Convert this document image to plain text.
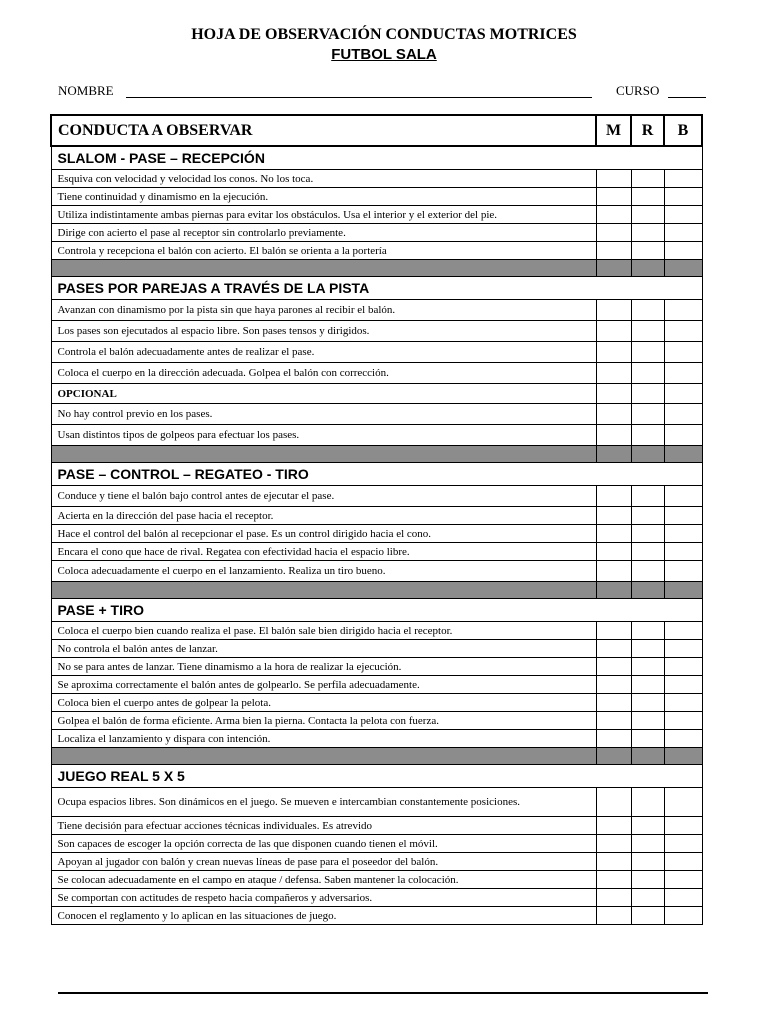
HOJA DE OBSERVACIÓN CONDUCTAS MOTRICES
FUTBOL SALA
NOMBRE	CURSO
CONDUCTA A OBSERVAR	M	R	B
SLALOM - PASE – RECEPCIÓN			
Esquiva con velocidad y velocidad los conos. No los toca.			
Tiene continuidad y dinamismo en la ejecución.			
Utiliza indistintamente ambas piernas para evitar los obstáculos. Usa el interior y el exterior del pie.			
Dirige con acierto el pase al receptor sin controlarlo previamente.			
Controla y recepciona el balón con acierto. El balón se orienta a la portería			

PASES POR PAREJAS A TRAVÉS DE LA PISTA			
Avanzan con dinamismo por la pista sin que haya parones al recibir el balón.			
Los pases son ejecutados al espacio libre. Son pases tensos y dirigidos.			
Controla el balón adecuadamente antes de realizar el pase.			
Coloca el cuerpo en la dirección adecuada. Golpea el balón con corrección.			
OPCIONAL			
No hay control previo en los pases.			
Usan distintos tipos de golpeos para efectuar los pases.			

PASE – CONTROL – REGATEO - TIRO			
Conduce y tiene el balón bajo control antes de ejecutar el pase.			
Acierta en la dirección del pase hacia el receptor.			
Hace el control del balón al recepcionar el pase. Es un control dirigido hacia el cono.			
Encara el cono que hace de rival. Regatea con efectividad hacia el espacio libre.			
Coloca adecuadamente el cuerpo en el lanzamiento. Realiza un tiro bueno.			

PASE + TIRO			
Coloca el cuerpo bien cuando realiza el pase. El balón sale bien dirigido hacia el receptor.			
No controla el balón antes de lanzar.			
No se para antes de lanzar. Tiene dinamismo a la hora de realizar la ejecución.			
Se aproxima correctamente el balón antes de golpearlo. Se perfila adecuadamente.			
Coloca bien el cuerpo antes de golpear la pelota.			
Golpea el balón de forma eficiente. Arma bien la pierna. Contacta la pelota con fuerza.			
Localiza el lanzamiento y dispara con intención.			

JUEGO REAL 5 X 5			
Ocupa espacios libres. Son dinámicos en el juego. Se mueven e intercambian constantemente posiciones.			
Tiene decisión para efectuar acciones técnicas individuales. Es atrevido			
Son capaces de escoger la opción correcta de las que disponen cuando tienen el móvil.			
Apoyan al jugador con balón y crean nuevas líneas de pase para el poseedor del balón.			
Se colocan adecuadamente en el campo en ataque / defensa. Saben mantener la colocación.			
Se comportan con actitudes de respeto hacia compañeros y adversarios.			
Conocen el reglamento y lo aplican en las situaciones de juego.			
